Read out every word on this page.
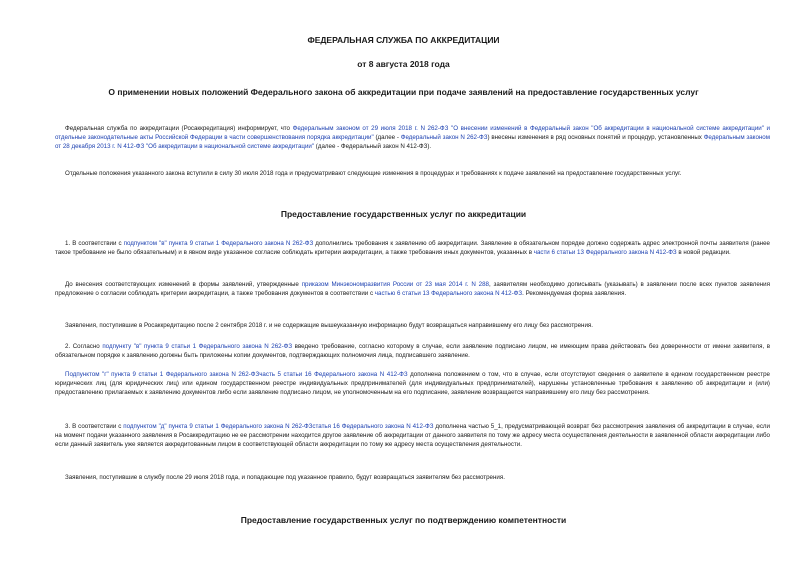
ФЕДЕРАЛЬНАЯ СЛУЖБА ПО АККРЕДИТАЦИИ
от 8 августа 2018 года
О применении новых положений Федерального закона об аккредитации при подаче заявлений на предоставление государственных услуг

Федеральная служба по аккредитации (Росаккредитация) информирует, что Федеральным законом от 29 июля 2018 г. N 262-ФЗ "О внесении изменений в Федеральный закон "Об аккредитации в национальной системе аккредитации" и отдельные законодательные акты Российской Федерации в части совершенствования порядка аккредитации" (далее - Федеральный закон N 262-ФЗ) внесены изменения в ряд основных понятий и процедур, установленных Федеральным законом от 28 декабря 2013 г. N 412-ФЗ "Об аккредитации в национальной системе аккредитации" (далее - Федеральный закон N 412-ФЗ).

Отдельные положения указанного закона вступили в силу 30 июля 2018 года и предусматривают следующие изменения в процедурах и требованиях к подаче заявлений на предоставление государственных услуг.

Предоставление государственных услуг по аккредитации

1. В соответствии с подпунктом "в" пункта 9 статьи 1 Федерального закона N 262-ФЗ дополнились требования к заявлению об аккредитации. Заявление в обязательном порядке должно содержать адрес электронной почты заявителя (ранее такое требование не было обязательным) и в явном виде указанное согласие соблюдать критерии аккредитации, а также требования иных документов, указанных в части 6 статьи 13 Федерального закона N 412-ФЗ в новой редакции.

До внесения соответствующих изменений в формы заявлений, утвержденные приказом Минэкономразвития России от 23 мая 2014 г. N 288, заявителям необходимо дописывать (указывать) в заявлении после всех пунктов заявления предложение о согласии соблюдать критерии аккредитации, а также требования документов в соответствии с частью 6 статьи 13 Федерального закона N 412-ФЗ. Рекомендуемая форма заявления.

Заявления, поступившие в Росаккредитацию после 2 сентября 2018 г. и не содержащие вышеуказанную информацию будут возвращаться направившему его лицу без рассмотрения.

2. Согласно подпункту "в" пункта 9 статьи 1 Федерального закона N 262-ФЗ введено требование, согласно которому в случае, если заявление подписано лицом, не имеющим права действовать без доверенности от имени заявителя, в обязательном порядке к заявлению должны быть приложены копии документов, подтверждающих полномочия лица, подписавшего заявление.

Подпунктом "г" пункта 9 статьи 1 Федерального закона N 262-ФЗчасть 5 статьи 16 Федерального закона N 412-ФЗ дополнена положением о том, что в случае, если отсутствуют сведения о заявителе в едином государственном реестре юридических лиц (для юридических лиц) или едином государственном реестре индивидуальных предпринимателей (для индивидуальных предпринимателей), нарушены установленные требования к заявлению об аккредитации и (или) предоставлению прилагаемых к заявлению документов либо если заявление подписано лицом, не уполномоченным на его подписание, заявление возвращается направившему его лицу без рассмотрения.

3. В соответствии с подпунктом "д" пункта 9 статьи 1 Федерального закона N 262-ФЗстатья 16 Федерального закона N 412-ФЗ дополнена частью 5_1, предусматривающей возврат без рассмотрения заявления об аккредитации в случае, если на момент подачи указанного заявления в Росаккредитацию не ее рассмотрении находится другое заявление об аккредитации от данного заявителя по тому же адресу места осуществления деятельности в заявленной области аккредитации либо если данный заявитель уже является аккредитованным лицом в соответствующей области аккредитации по тому же адресу места осуществления деятельности.

Заявления, поступившие в службу после 29 июля 2018 года, и попадающие под указанное правило, будут возвращаться заявителям без рассмотрения.

Предоставление государственных услуг по подтверждению компетентности
